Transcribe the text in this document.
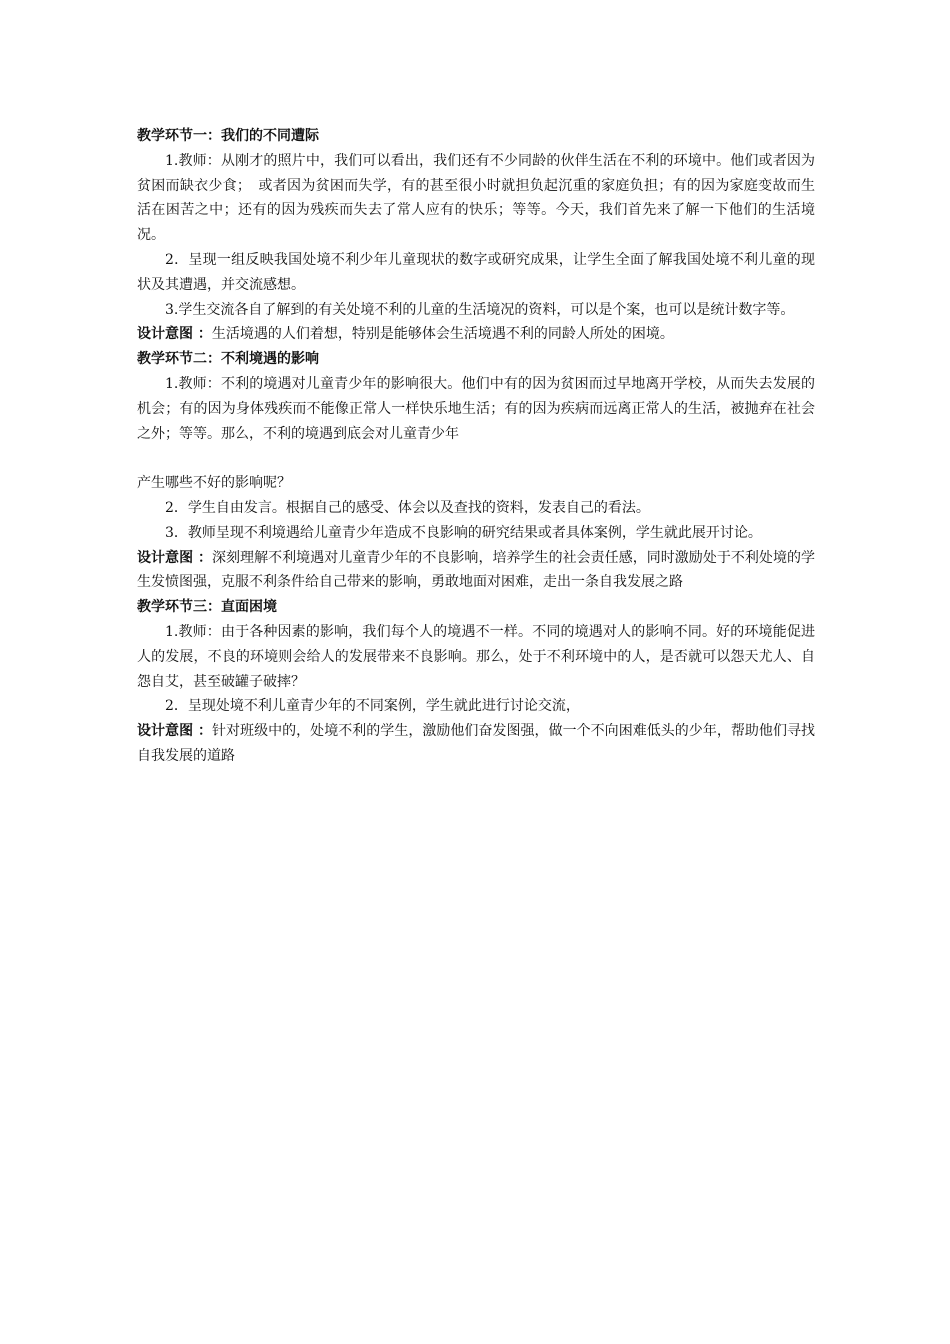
教学环节一：我们的不同遭际

1.教师：从刚才的照片中，我们可以看出，我们还有不少同龄的伙伴生活在不利的环境中。他们或者因为贫困而缺衣少食；　或者因为贫困而失学，有的甚至很小时就担负起沉重的家庭负担；有的因为家庭变故而生活在困苦之中；还有的因为残疾而失去了常人应有的快乐；等等。今天，我们首先来了解一下他们的生活境况。

2．呈现一组反映我国处境不利少年儿童现状的数字或研究成果，让学生全面了解我国处境不利儿童的现状及其遭遇，并交流感想。

3.学生交流各自了解到的有关处境不利的儿童的生活境况的资料，可以是个案，也可以是统计数字等。

设计意图 ：生活境遇的人们着想，特别是能够体会生活境遇不利的同龄人所处的困境。

教学环节二：不利境遇的影响

1.教师：不利的境遇对儿童青少年的影响很大。他们中有的因为贫困而过早地离开学校，从而失去发展的机会；有的因为身体残疾而不能像正常人一样快乐地生活；有的因为疾病而远离正常人的生活，被抛弃在社会之外；等等。那么，不利的境遇到底会对儿童青少年

产生哪些不好的影响呢？

2．学生自由发言。根据自己的感受、体会以及查找的资料，发表自己的看法。

3．教师呈现不利境遇给儿童青少年造成不良影响的研究结果或者具体案例，学生就此展开讨论。

设计意图 ：深刻理解不利境遇对儿童青少年的不良影响，培养学生的社会责任感，同时激励处于不利处境的学生发愤图强，克服不利条件给自己带来的影响，勇敢地面对困难，走出一条自我发展之路

教学环节三：直面困境

1.教师：由于各种因素的影响，我们每个人的境遇不一样。不同的境遇对人的影响不同。好的环境能促进人的发展，不良的环境则会给人的发展带来不良影响。那么，处于不利环境中的人，是否就可以怨天尤人、自怨自艾，甚至破罐子破摔？

2．呈现处境不利儿童青少年的不同案例，学生就此进行讨论交流，

设计意图 ：针对班级中的，处境不利的学生，激励他们奋发图强，做一个不向困难低头的少年，帮助他们寻找自我发展的道路
